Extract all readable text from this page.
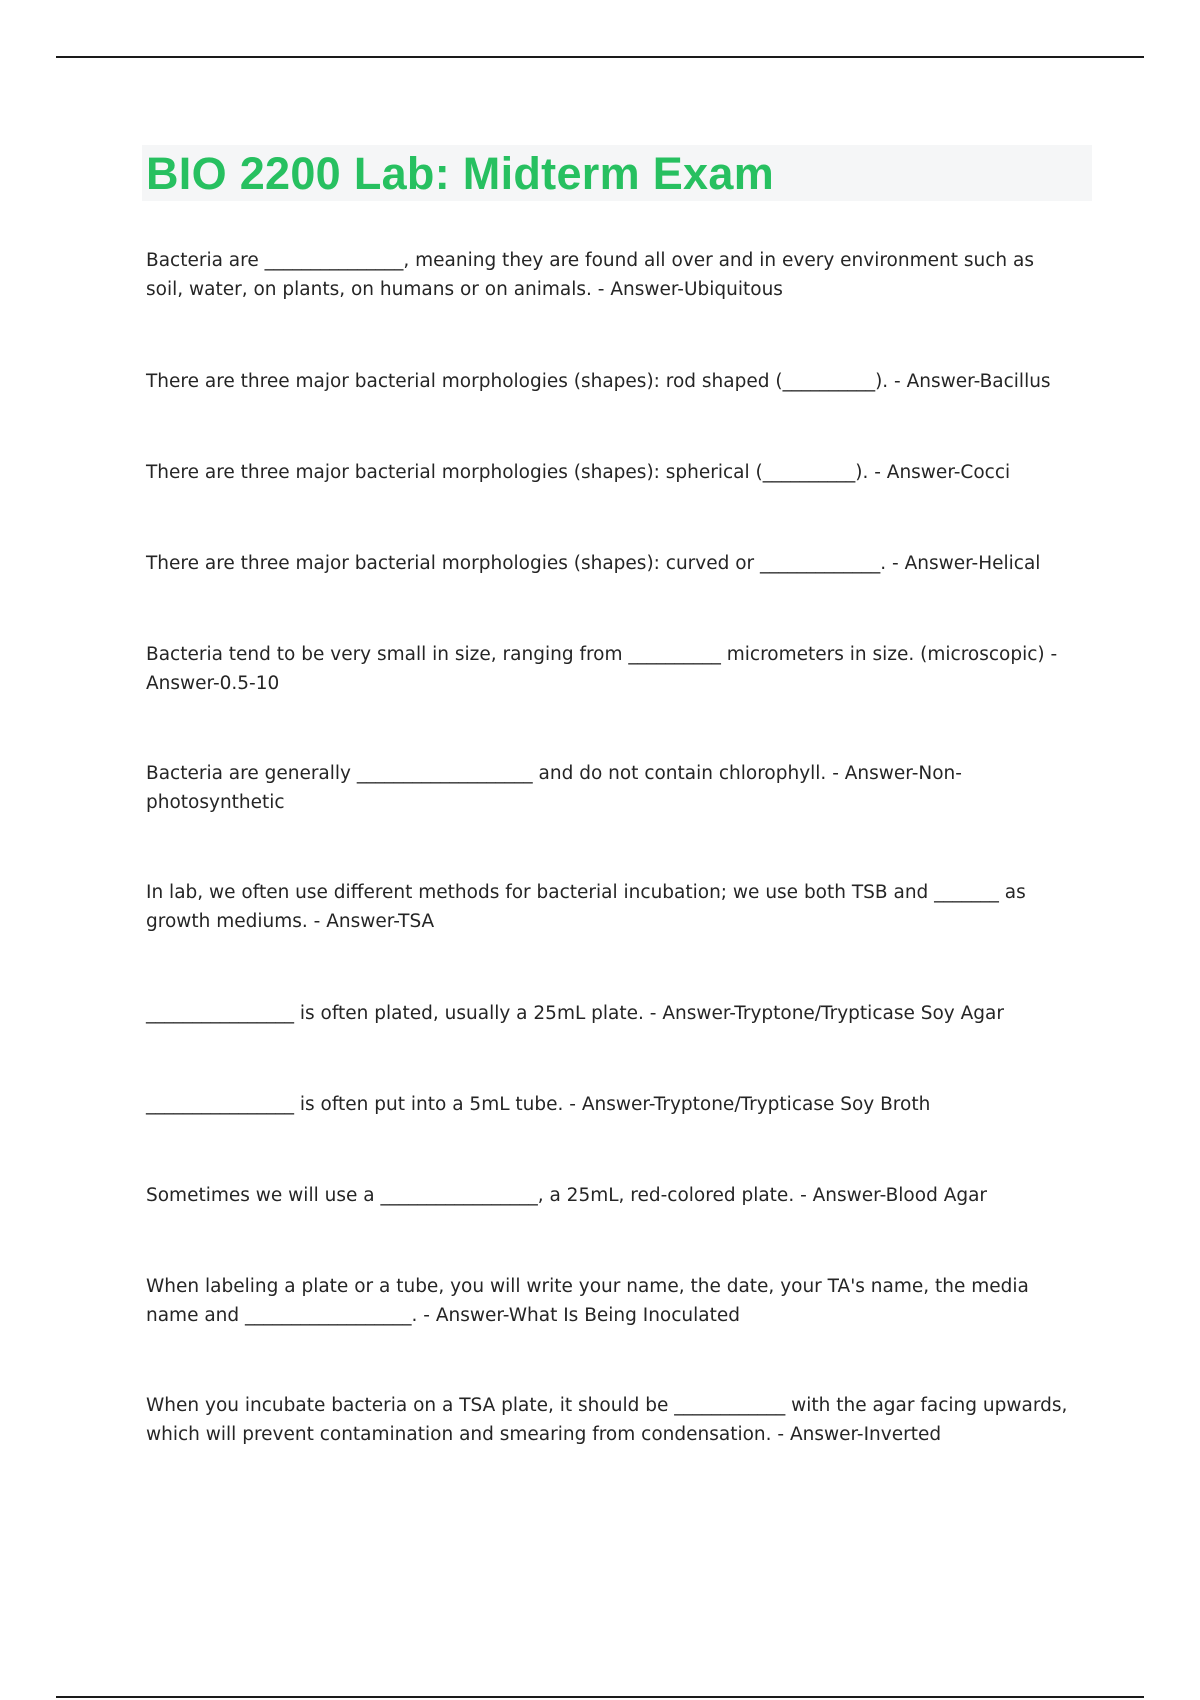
BIO 2200 Lab: Midterm Exam

Bacteria are _______________, meaning they are found all over and in every environment such as soil, water, on plants, on humans or on animals. - Answer-Ubiquitous

There are three major bacterial morphologies (shapes): rod shaped (__________). - Answer-Bacillus

There are three major bacterial morphologies (shapes): spherical (__________). - Answer-Cocci

There are three major bacterial morphologies (shapes): curved or _____________. - Answer-Helical

Bacteria tend to be very small in size, ranging from __________ micrometers in size. (microscopic) - Answer-0.5-10

Bacteria are generally ___________________ and do not contain chlorophyll. - Answer-Non-photosynthetic

In lab, we often use different methods for bacterial incubation; we use both TSB and _______ as growth mediums. - Answer-TSA

________________ is often plated, usually a 25mL plate. - Answer-Tryptone/Trypticase Soy Agar

________________ is often put into a 5mL tube. - Answer-Tryptone/Trypticase Soy Broth

Sometimes we will use a _________________, a 25mL, red-colored plate. - Answer-Blood Agar

When labeling a plate or a tube, you will write your name, the date, your TA's name, the media name and __________________. - Answer-What Is Being Inoculated

When you incubate bacteria on a TSA plate, it should be ____________ with the agar facing upwards, which will prevent contamination and smearing from condensation. - Answer-Inverted
